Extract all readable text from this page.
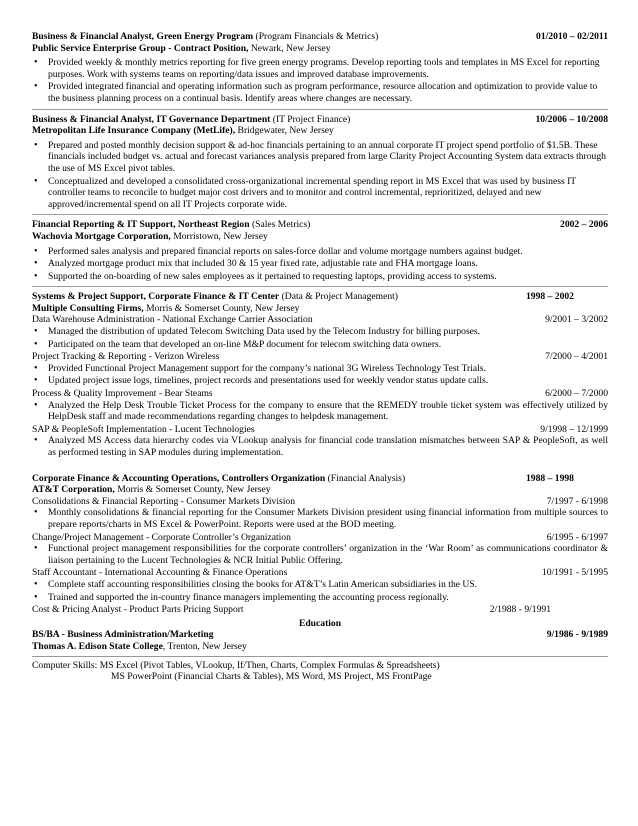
Business & Financial Analyst, Green Energy Program (Program Financials & Metrics)	01/2010 – 02/2011
Public Service Enterprise Group - Contract Position, Newark, New Jersey
• Provided weekly & monthly metrics reporting for five green energy programs. Develop reporting tools and templates in MS Excel for reporting purposes. Work with systems teams on reporting/data issues and improved database improvements.
• Provided integrated financial and operating information such as program performance, resource allocation and optimization to provide value to the business planning process on a continual basis. Identify areas where changes are necessary.
Business & Financial Analyst, IT Governance Department (IT Project Finance)	10/2006 – 10/2008
Metropolitan Life Insurance Company (MetLife), Bridgewater, New Jersey
• Prepared and posted monthly decision support & ad-hoc financials pertaining to an annual corporate IT project spend portfolio of $1.5B. These financials included budget vs. actual and forecast variances analysis prepared from large Clarity Project Accounting System data extracts through the use of MS Excel pivot tables.
• Conceptualized and developed a consolidated cross-organizational incremental spending report in MS Excel that was used by business IT controller teams to reconcile to budget major cost drivers and to monitor and control incremental, reprioritized, delayed and new approved/incremental spend on all IT Projects corporate wide.
Financial Reporting & IT Support, Northeast Region (Sales Metrics)	2002 – 2006
Wachovia Mortgage Corporation, Morristown, New Jersey
• Performed sales analysis and prepared financial reports on sales-force dollar and volume mortgage numbers against budget.
• Analyzed mortgage product mix that included 30 & 15 year fixed rate, adjustable rate and FHA mortgage loans.
• Supported the on-boarding of new sales employees as it pertained to requesting laptops, providing access to systems.
Systems & Project Support, Corporate Finance & IT Center (Data & Project Management)	1998 – 2002
Multiple Consulting Firms, Morris & Somerset County, New Jersey
Data Warehouse Administration - National Exchange Carrier Association	9/2001 – 3/2002
• Managed the distribution of updated Telecom Switching Data used by the Telecom Industry for billing purposes.
• Participated on the team that developed an on-line M&P document for telecom switching data owners.
Project Tracking & Reporting - Verizon Wireless	7/2000 – 4/2001
• Provided Functional Project Management support for the company’s national 3G Wireless Technology Test Trials.
• Updated project issue logs, timelines, project records and presentations used for weekly vendor status update calls.
Process & Quality Improvement - Bear Steams	6/2000 – 7/2000
• Analyzed the Help Desk Trouble Ticket Process for the company to ensure that the REMEDY trouble ticket system was effectively utilized by HelpDesk staff and made recommendations regarding changes to helpdesk management.
SAP & PeopleSoft Implementation - Lucent Technologies	9/1998 – 12/1999
• Analyzed MS Access data hierarchy codes via VLookup analysis for financial code translation mismatches between SAP & PeopleSoft, as well as performed testing in SAP modules during implementation.
Corporate Finance & Accounting Operations, Controllers Organization (Financial Analysis)	1988 – 1998
AT&T Corporation, Morris & Somerset County, New Jersey
Consolidations & Financial Reporting - Consumer Markets Division	7/1997 - 6/1998
• Monthly consolidations & financial reporting for the Consumer Markets Division president using financial information from multiple sources to prepare reports/charts in MS Excel & PowerPoint. Reports were used at the BOD meeting.
Change/Project Management - Corporate Controller’s Organization	6/1995 - 6/1997
• Functional project management responsibilities for the corporate controllers’ organization in the ‘War Room’ as communications coordinator & liaison pertaining to the Lucent Technologies & NCR Initial Public Offering.
Staff Accountant - International Accounting & Finance Operations	10/1991 - 5/1995
• Complete staff accounting responsibilities closing the books for AT&T’s Latin American subsidiaries in the US.
• Trained and supported the in-country finance managers implementing the accounting process regionally.
Cost & Pricing Analyst - Product Parts Pricing Support	2/1988 - 9/1991
Education
BS/BA - Business Administration/Marketing	9/1986 - 9/1989
Thomas A. Edison State College, Trenton, New Jersey
Computer Skills: MS Excel (Pivot Tables, VLookup, If/Then, Charts, Complex Formulas & Spreadsheets)
MS PowerPoint (Financial Charts & Tables), MS Word, MS Project, MS FrontPage
